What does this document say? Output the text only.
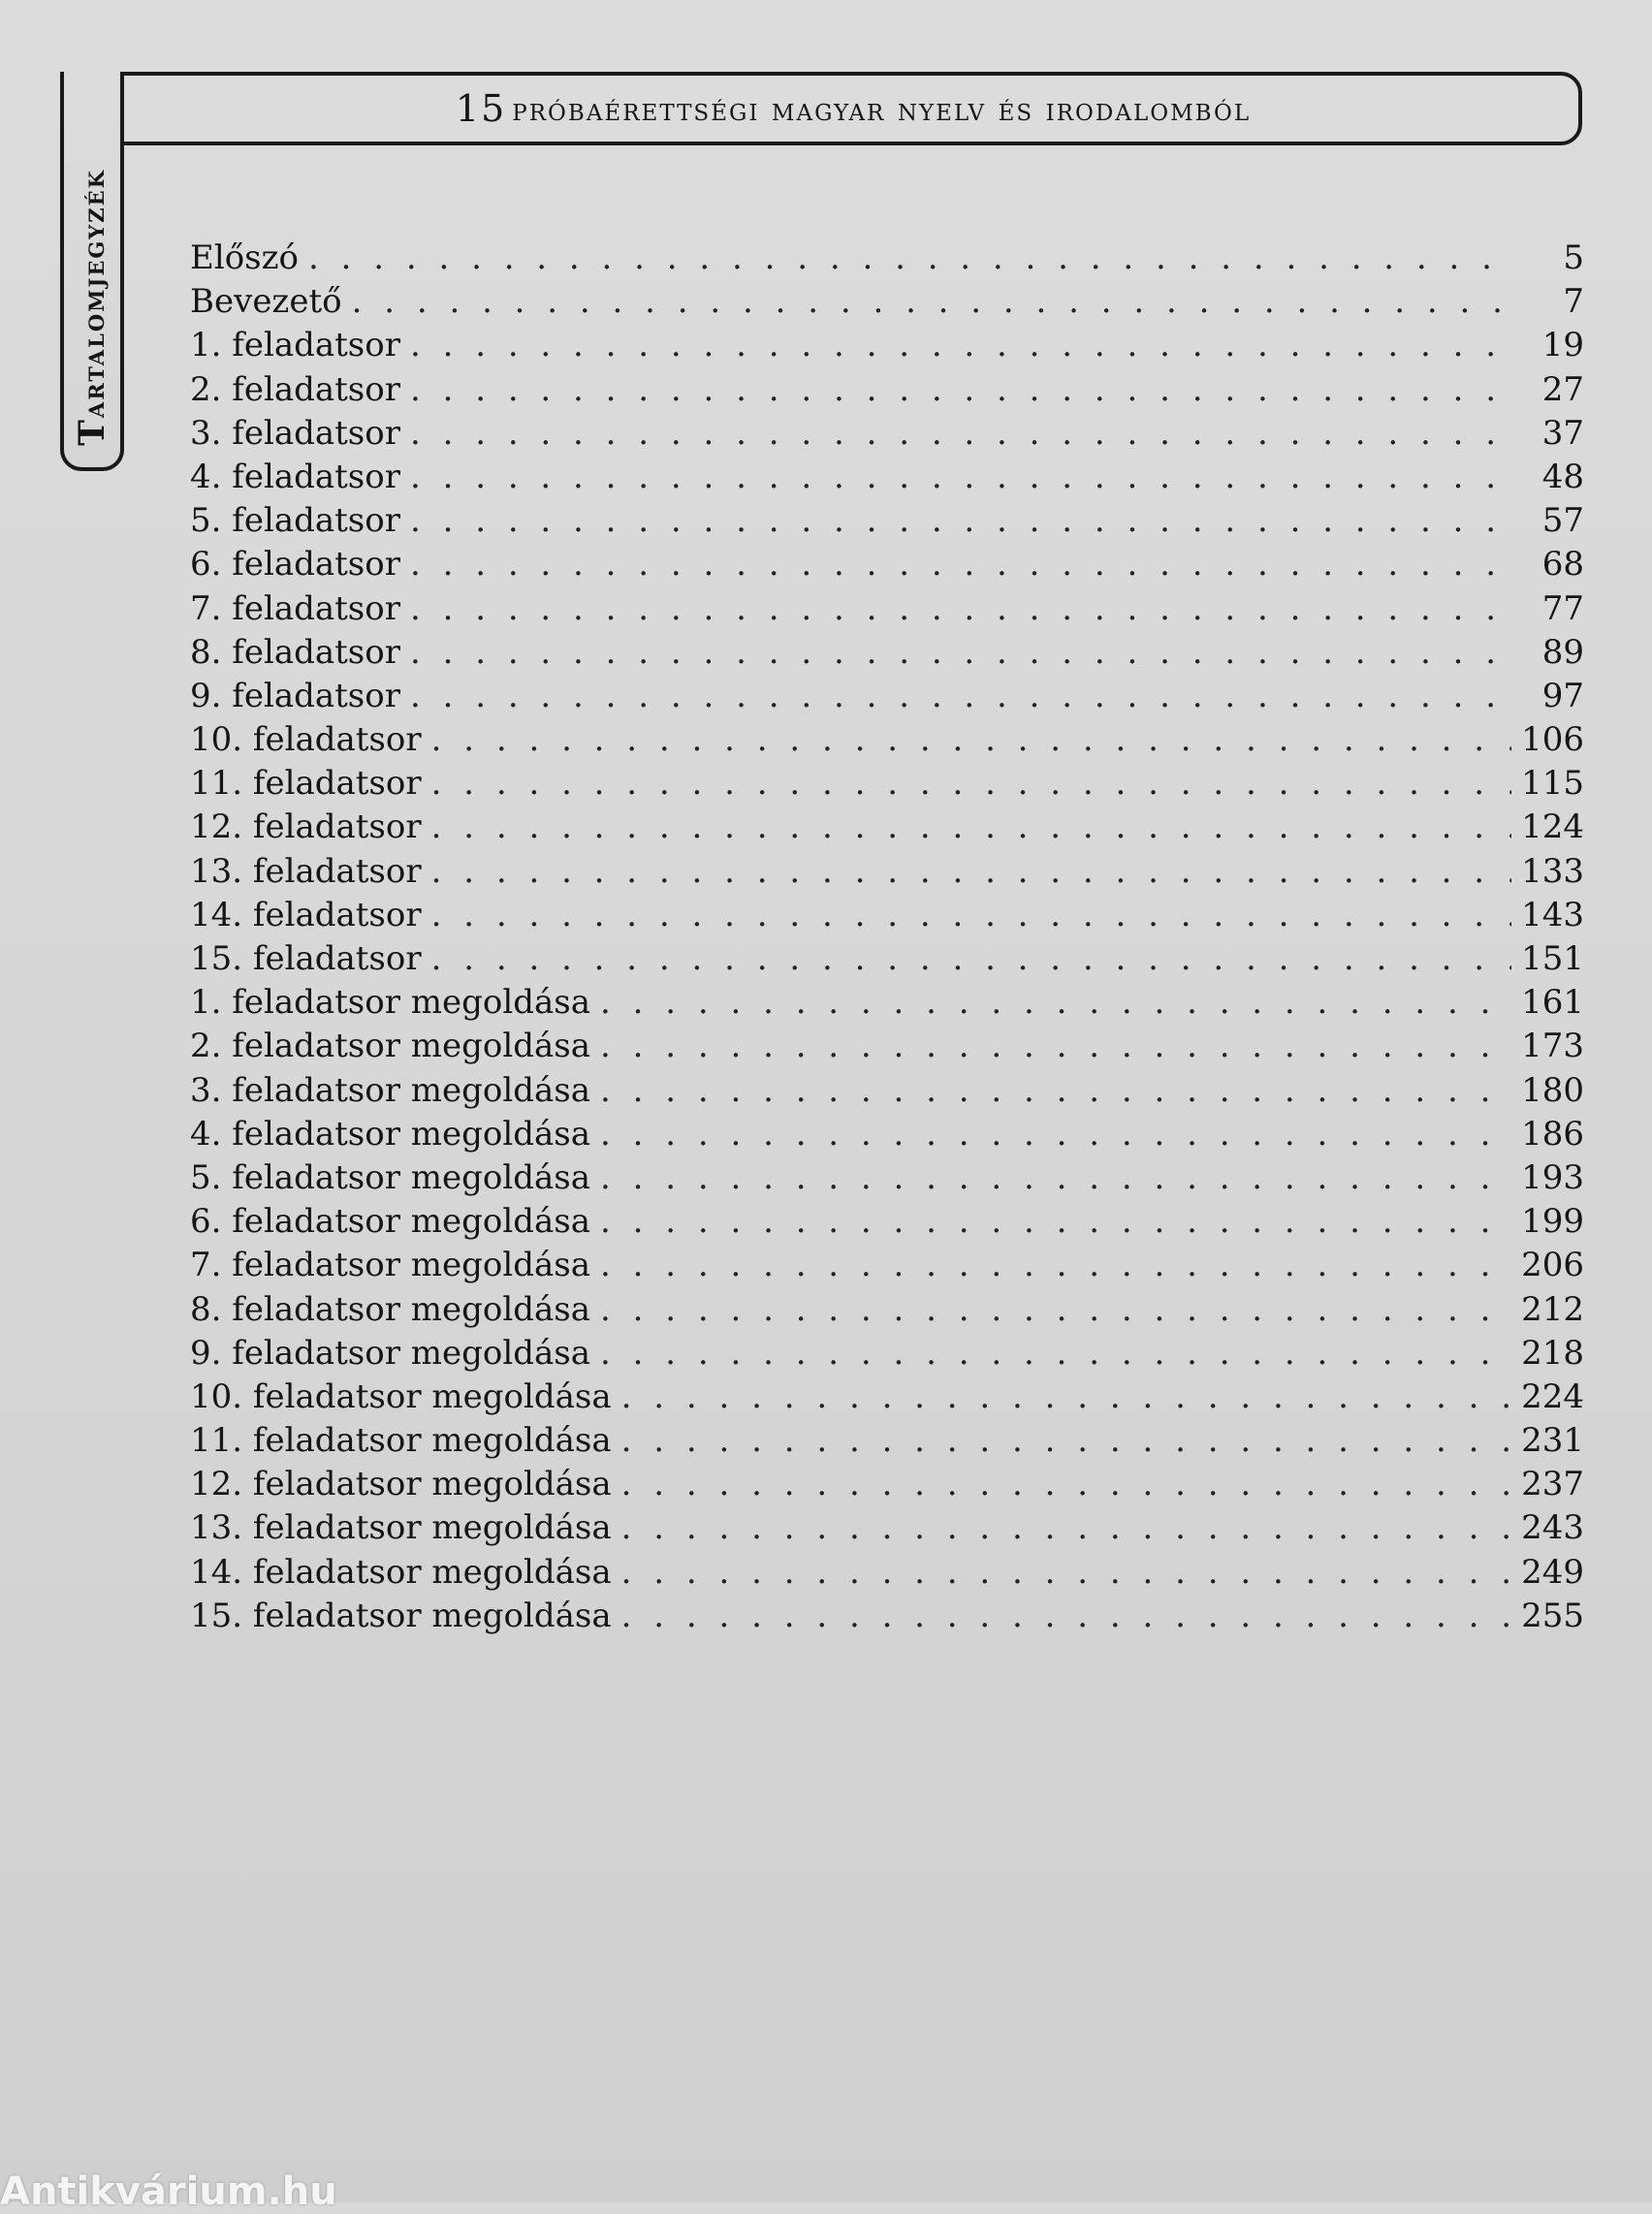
15 próbaérettségi magyar nyelv és irodalomból
Tartalomjegyzék Előszó . . .	5
Bevezető . . .	7
1. feladatsor . . .	19
2. feladatsor . . .	27
3. feladatsor . . .	37
4. feladatsor . . .	48
5. feladatsor . . .	57
6. feladatsor . . .	68
7. feladatsor . . .	77
8. feladatsor . . .	89
9. feladatsor . . .	97
10. feladatsor . . .	106
11. feladatsor . . .	115
12. feladatsor . . .	124
13. feladatsor . . .	133
14. feladatsor . . .	143
15. feladatsor . . .	151
1. feladatsor megoldása . . .	161
2. feladatsor megoldása . . .	173
3. feladatsor megoldása . . .	180
4. feladatsor megoldása . . .	186
5. feladatsor megoldása . . .	193
6. feladatsor megoldása . . .	199
7. feladatsor megoldása . . .	206
8. feladatsor megoldása . . .	212
9. feladatsor megoldása . . .	218
10. feladatsor megoldása . . .	224
11. feladatsor megoldása . . .	231
12. feladatsor megoldása . . .	237
13. feladatsor megoldása . . .	243
14. feladatsor megoldása . . .	249
15. feladatsor megoldása . . .	255
Antikvárium.hu
